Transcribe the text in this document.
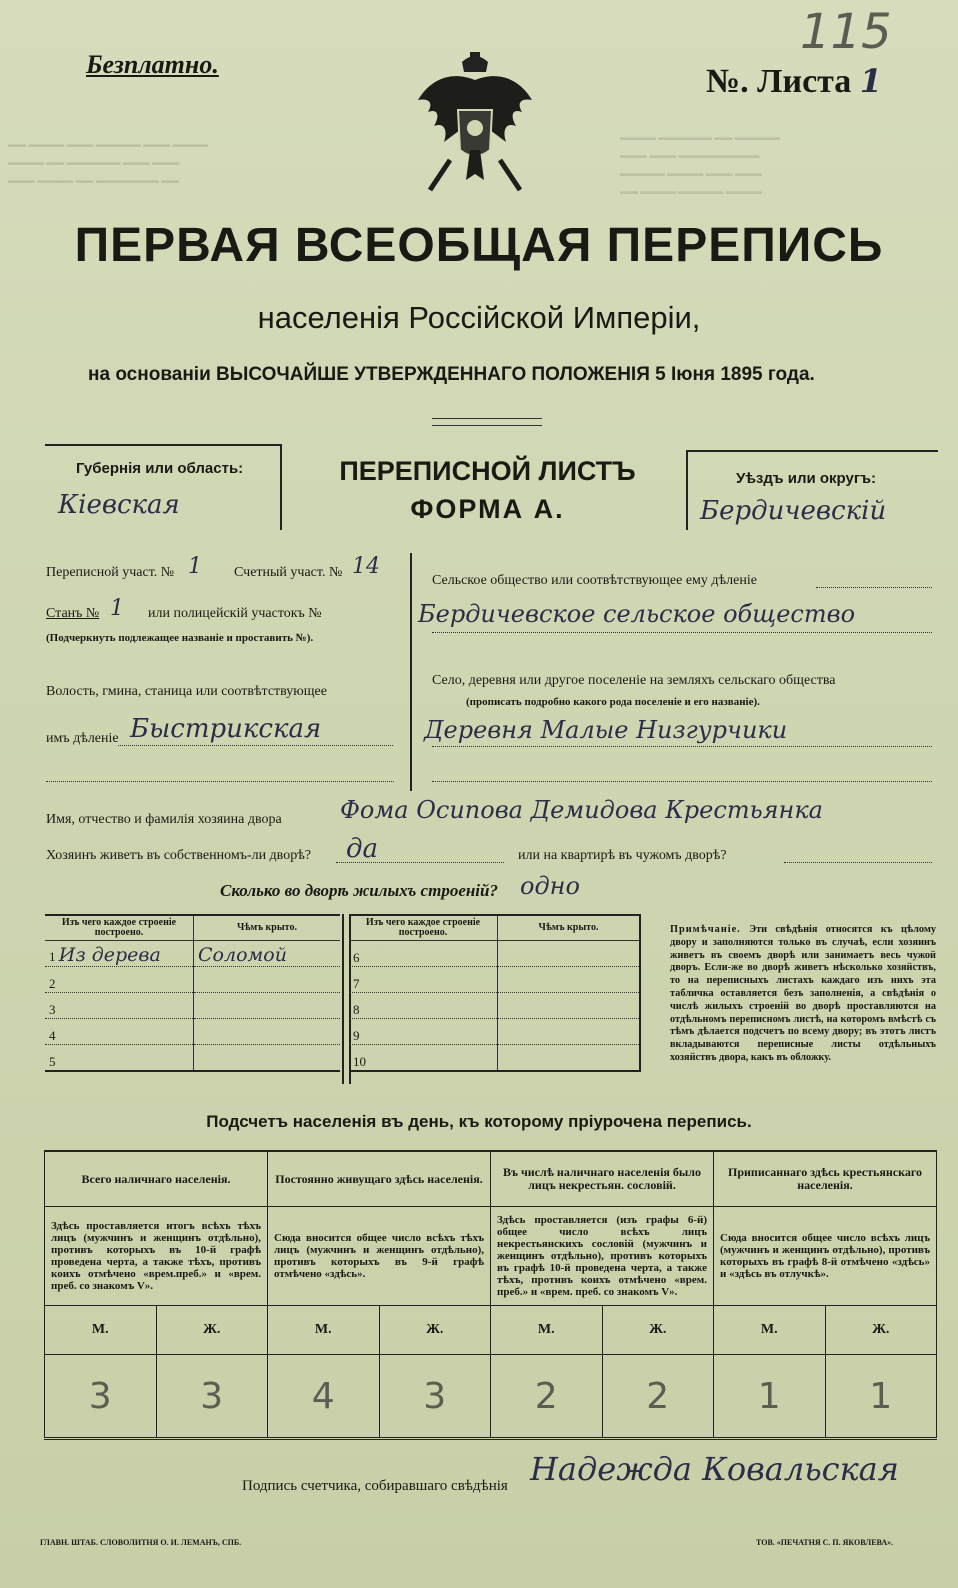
Безплатно.
115
№. Листа 1
▬▬ ▬▬▬▬ ▬▬▬ ▬▬▬▬▬ ▬▬▬ ▬▬▬▬
▬▬▬▬ ▬▬ ▬▬▬▬▬▬ ▬▬▬ ▬▬▬
▬▬▬ ▬▬▬▬ ▬▬ ▬▬▬▬▬▬▬ ▬▬
▬▬▬▬ ▬▬▬▬▬▬ ▬▬ ▬▬▬▬▬
▬▬▬ ▬▬▬ ▬▬▬▬▬▬▬▬▬
▬▬▬▬▬ ▬▬▬▬ ▬▬▬ ▬▬▬
▬▬ ▬▬▬▬ ▬▬▬▬▬ ▬▬▬▬
ПЕРВАЯ ВСЕОБЩАЯ ПЕРЕПИСЬ
населенія Россійской Имперіи,
на основаніи ВЫСОЧАЙШЕ УТВЕРЖДЕННАГО ПОЛОЖЕНІЯ 5 Іюня 1895 года.
Губернія или область:
Кіевская
ПЕРЕПИСНОЙ ЛИСТЪ
ФОРМА А.
Уѣздъ или округъ:
Бердичевскій
Переписной участ. № 1 Счетный участ. № 14
Станъ № 1 или полицейскій участокъ №
(Подчеркнуть подлежащее названіе и проставить №).
Волость, гмина, станица или соотвѣтствующее
имъ дѣленіе Быстрикская
Сельское общество или соотвѣтствующее ему дѣленіе
Бердичевское сельское общество
Село, деревня или другое поселеніе на земляхъ сельскаго общества
(прописать подробно какого рода поселеніе и его названіе).
Деревня Малые Низгурчики
Имя, отчество и фамилія хозяина двора Фома Осипова Демидова Крестьянка
Хозяинъ живетъ въ собственномъ-ли дворѣ? да	или на квартирѣ въ чужомъ дворѣ?
Сколько во дворѣ жилыхъ строеній? одно
Изъ чего каждое строеніе построено.	Чѣмъ крыто.
1 Из дерева	Соломой
2	
3	
4	
5	
Изъ чего каждое строеніе построено.	Чѣмъ крыто.
6	
7	
8	
9	
10	
Примѣчаніе. Эти свѣдѣнія относятся къ цѣлому двору и заполняются только въ случаѣ, если хозяинъ живетъ въ своемъ дворѣ или занимаетъ весь чужой дворъ. Если-же во дворѣ живетъ нѣсколько хозяйствъ, то на переписныхъ листахъ каждаго изъ нихъ эта табличка оставляется безъ заполненія, а свѣдѣнія о числѣ жилыхъ строеній во дворѣ проставляются на отдѣльномъ переписномъ листѣ, на которомъ вмѣстѣ съ тѣмъ дѣлается подсчетъ по всему двору; въ этотъ листъ вкладываются переписные листы отдѣльныхъ хозяйствъ двора, какъ въ обложку.
Подсчетъ населенія въ день, къ которому пріурочена перепись.
Всего наличнаго населенія.		Постоянно живущаго здѣсь населенія.		Въ числѣ наличнаго населенія было лицъ некрестьян. сословій.		Приписаннаго здѣсь крестьянскаго населенія.	
Здѣсь проставляется итогъ всѣхъ тѣхъ лицъ (мужчинъ и женщинъ отдѣльно), противъ которыхъ въ 10-й графѣ проведена черта, а также тѣхъ, противъ коихъ отмѣчено «врем.преб.» и «врем. преб. со знакомъ V».		Сюда вносится общее число всѣхъ тѣхъ лицъ (мужчинъ и женщинъ отдѣльно), противъ которыхъ въ 9-й графѣ отмѣчено «здѣсь».		Здѣсь проставляется (изъ графы 6-й) общее число всѣхъ лицъ некрестьянскихъ сословій (мужчинъ и женщинъ отдѣльно), противъ которыхъ въ графѣ 10-й проведена черта, а также тѣхъ, противъ коихъ отмѣчено «врем. преб.» и «врем. преб. со знакомъ V».		Сюда вносится общее число всѣхъ лицъ (мужчинъ и женщинъ отдѣльно), противъ которыхъ въ графѣ 8-й отмѣчено «здѣсь» и «здѣсь въ отлучкѣ».	
М.	Ж.	М.	Ж.	М.	Ж.	М.	Ж.
3	3	4	3	2	2	1	1
Подпись счетчика, собиравшаго свѣдѣнія Надежда Ковальская
ГЛАВН. ШТАБ. СЛОВОЛИТНЯ О. И. ЛЕМАНЪ, СПБ.	ТОВ. «ПЕЧАТНЯ С. П. ЯКОВЛЕВА».
